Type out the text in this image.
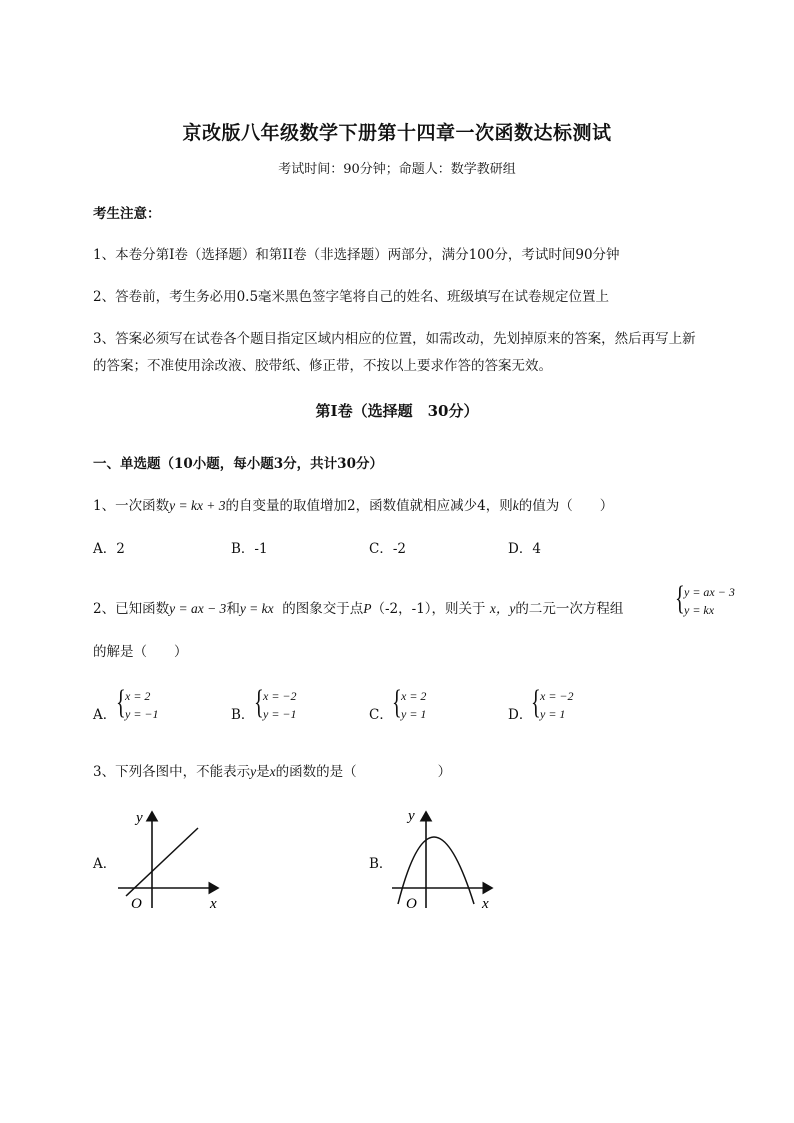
京改版八年级数学下册第十四章一次函数达标测试
考试时间：90分钟；命题人：数学教研组
考生注意：
1、本卷分第I卷（选择题）和第II卷（非选择题）两部分，满分100分，考试时间90分钟
2、答卷前，考生务必用0.5毫米黑色签字笔将自己的姓名、班级填写在试卷规定位置上
3、答案必须写在试卷各个题目指定区域内相应的位置，如需改动，先划掉原来的答案，然后再写上新
的答案；不准使用涂改液、胶带纸、修正带，不按以上要求作答的答案无效。
第I卷（选择题　30分）
一、单选题（10小题，每小题3分，共计30分）
1、一次函数y = kx + 3的自变量的取值增加2，函数值就相应减少4，则k的值为（　　）
A．2	B．-1	C．-2	D．4
2、已知函数y = ax − 3和y = kx 的图象交于点P（-2，-1），则关于 x，y的二元一次方程组 { y = ax − 3
y = kx
的解是（　　）
A． { x = 2
y = −1	B． { x = −2
y = −1	C． { x = 2
y = 1	D．
{ x = −2
y = 1
3、下列各图中，不能表示y是x的函数的是（　　　　　　）
A．
y
x
O
B．
y
x
O
